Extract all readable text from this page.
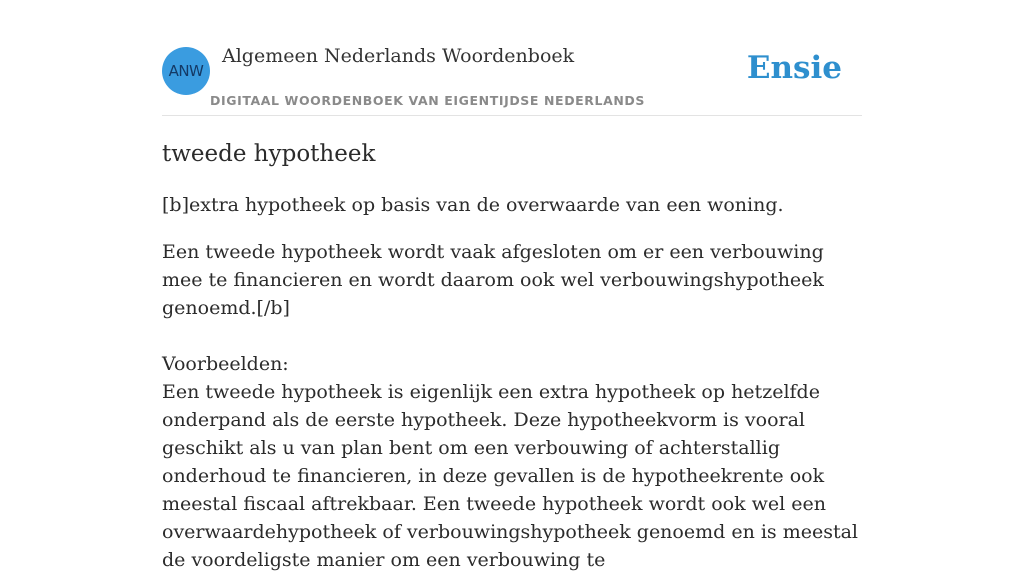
ANW
Algemeen Nederlands Woordenboek
DIGITAAL WOORDENBOEK VAN EIGENTIJDSE NEDERLANDS
Ensie
tweede hypotheek

[b]extra hypotheek op basis van de overwaarde van een woning.

Een tweede hypotheek wordt vaak afgesloten om er een verbouwing mee te financieren en wordt daarom ook wel verbouwingshypotheek genoemd.[/b]

Voorbeelden:

Een tweede hypotheek is eigenlijk een extra hypotheek op hetzelfde onderpand als de eerste hypotheek. Deze hypotheekvorm is vooral geschikt als u van plan bent om een verbouwing of achterstallig onderhoud te financieren, in deze gevallen is de hypotheekrente ook meestal fiscaal aftrekbaar. Een tweede hypotheek wordt ook wel een overwaardehypotheek of verbouwingshypotheek genoemd en is meestal de voordeligste manier om een verbouwing te
